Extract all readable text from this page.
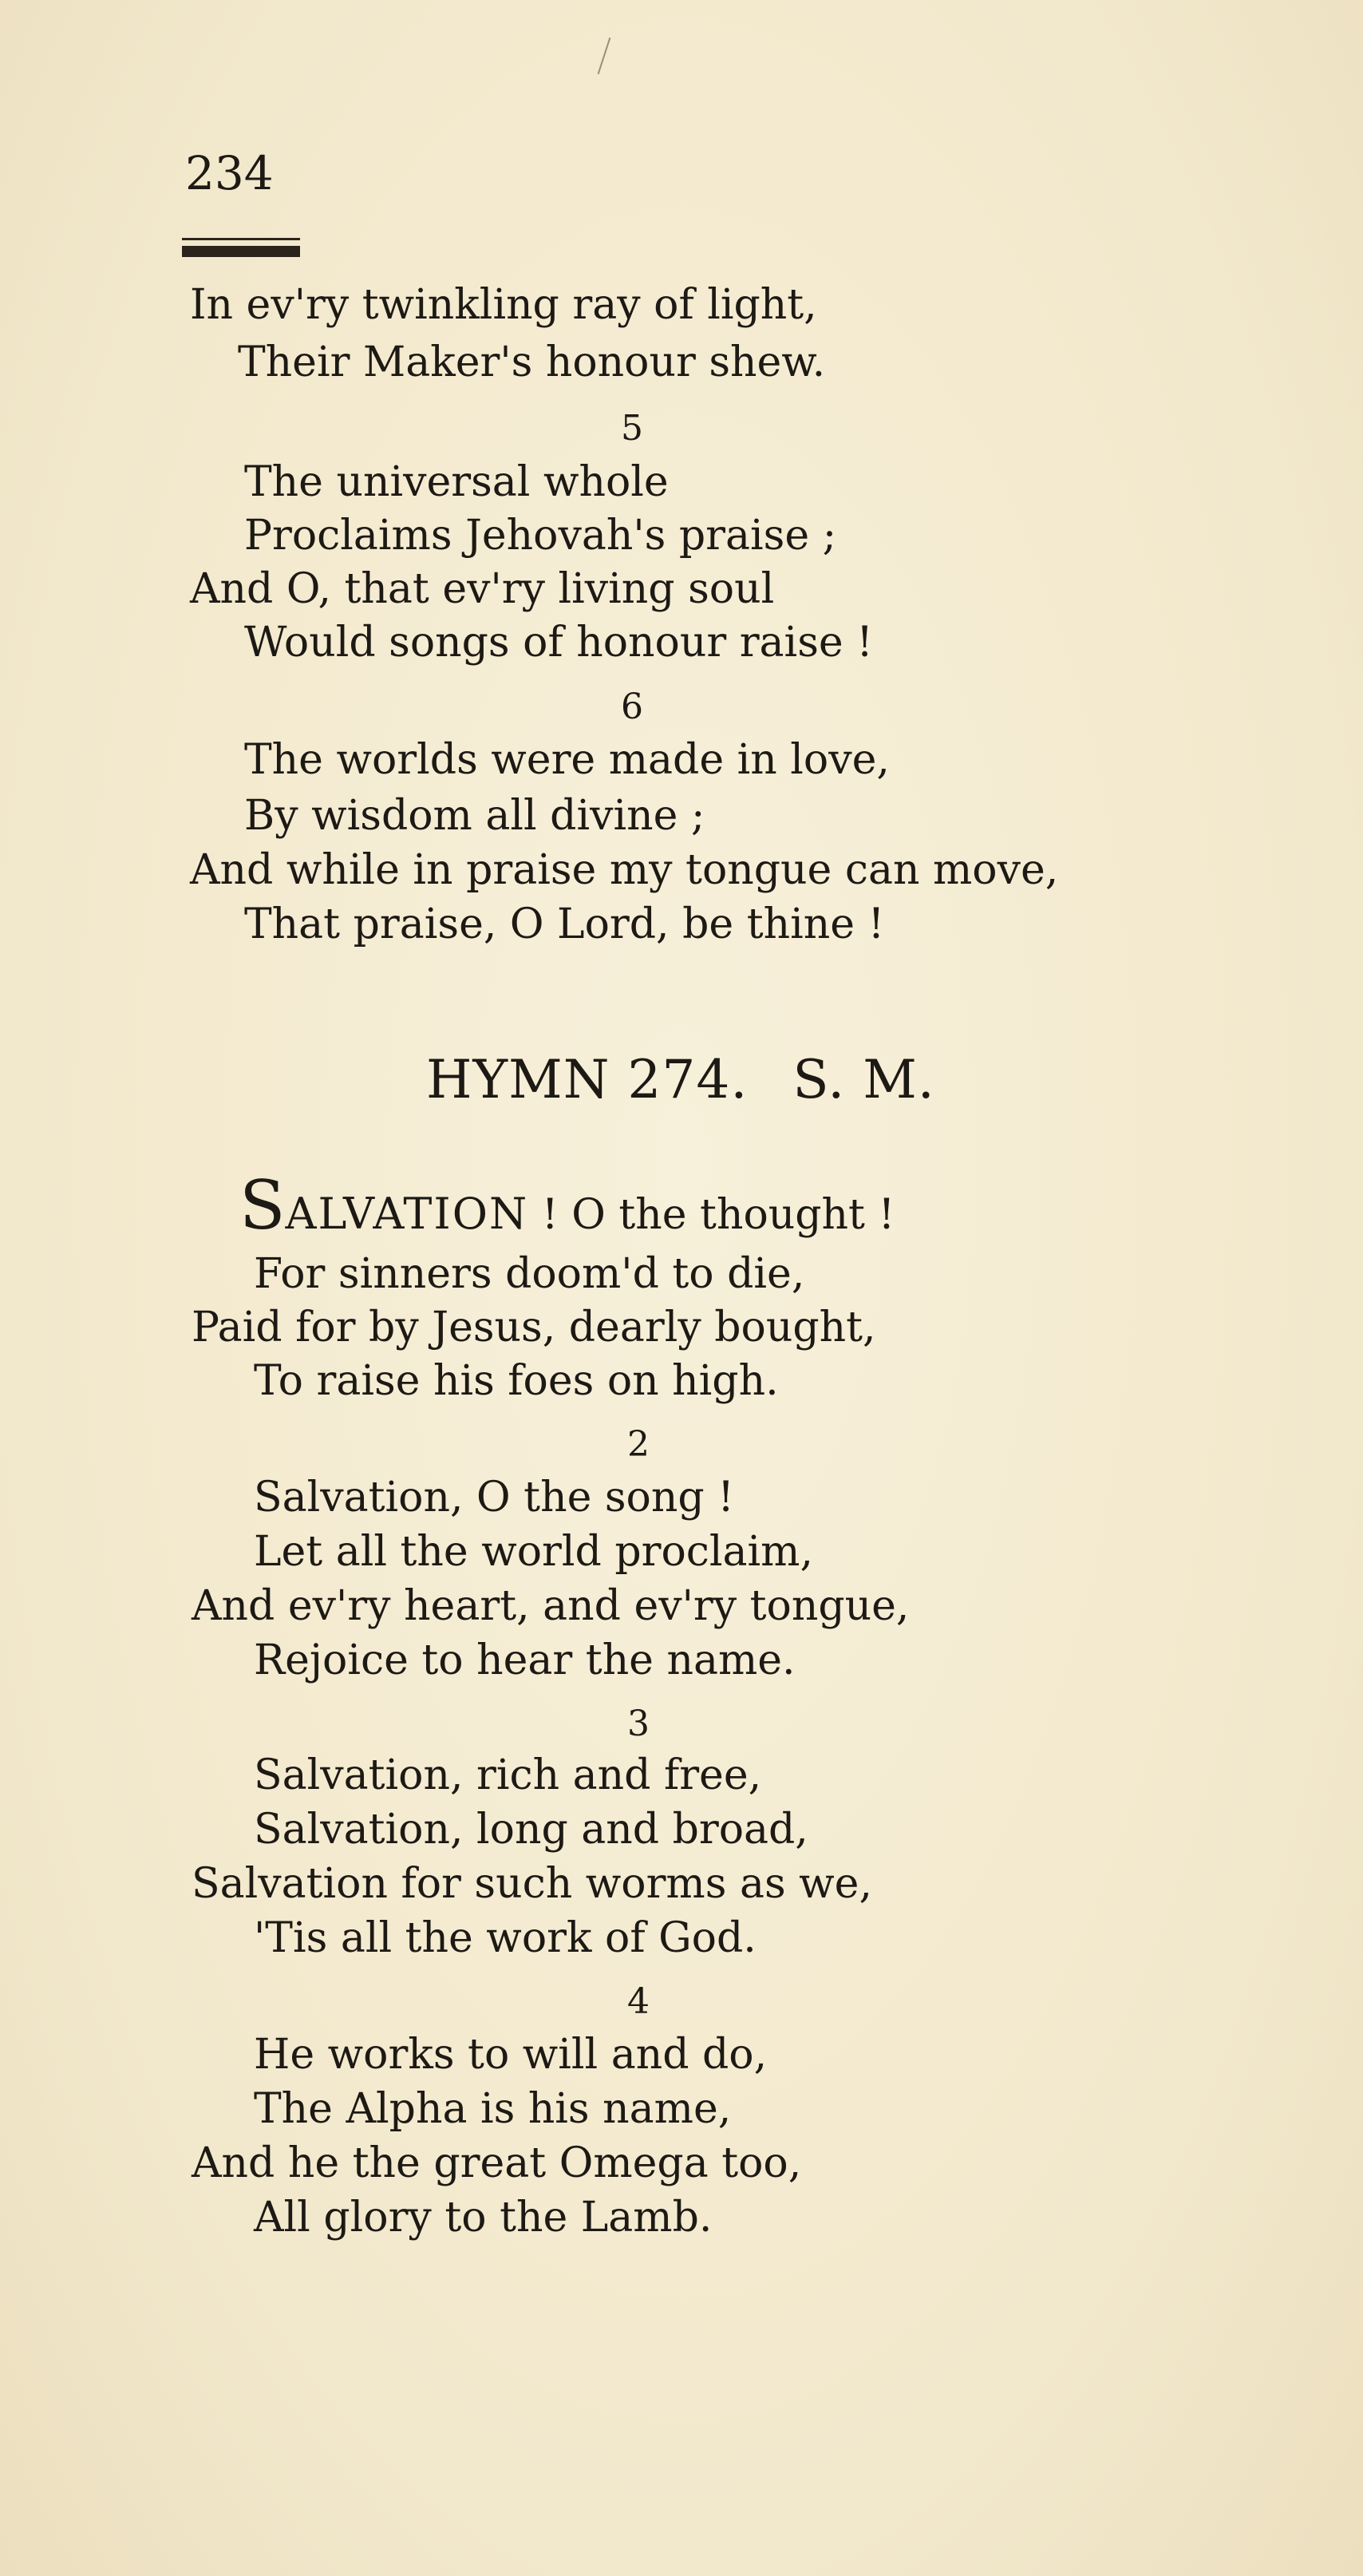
234
In ev'ry twinkling ray of light,
Their Maker's honour shew.
5
The universal whole
Proclaims Jehovah's praise ;
And O, that ev'ry living soul
Would songs of honour raise !
6
The worlds were made in love,
By wisdom all divine ;
And while in praise my tongue can move,
That praise, O Lord, be thine !
HYMN 274. S. M.
SALVATION ! O the thought !
For sinners doom'd to die,
Paid for by Jesus, dearly bought,
To raise his foes on high.
2
Salvation, O the song !
Let all the world proclaim,
And ev'ry heart, and ev'ry tongue,
Rejoice to hear the name.
3
Salvation, rich and free,
Salvation, long and broad,
Salvation for such worms as we,
'Tis all the work of God.
4
He works to will and do,
The Alpha is his name,
And he the great Omega too,
All glory to the Lamb.
